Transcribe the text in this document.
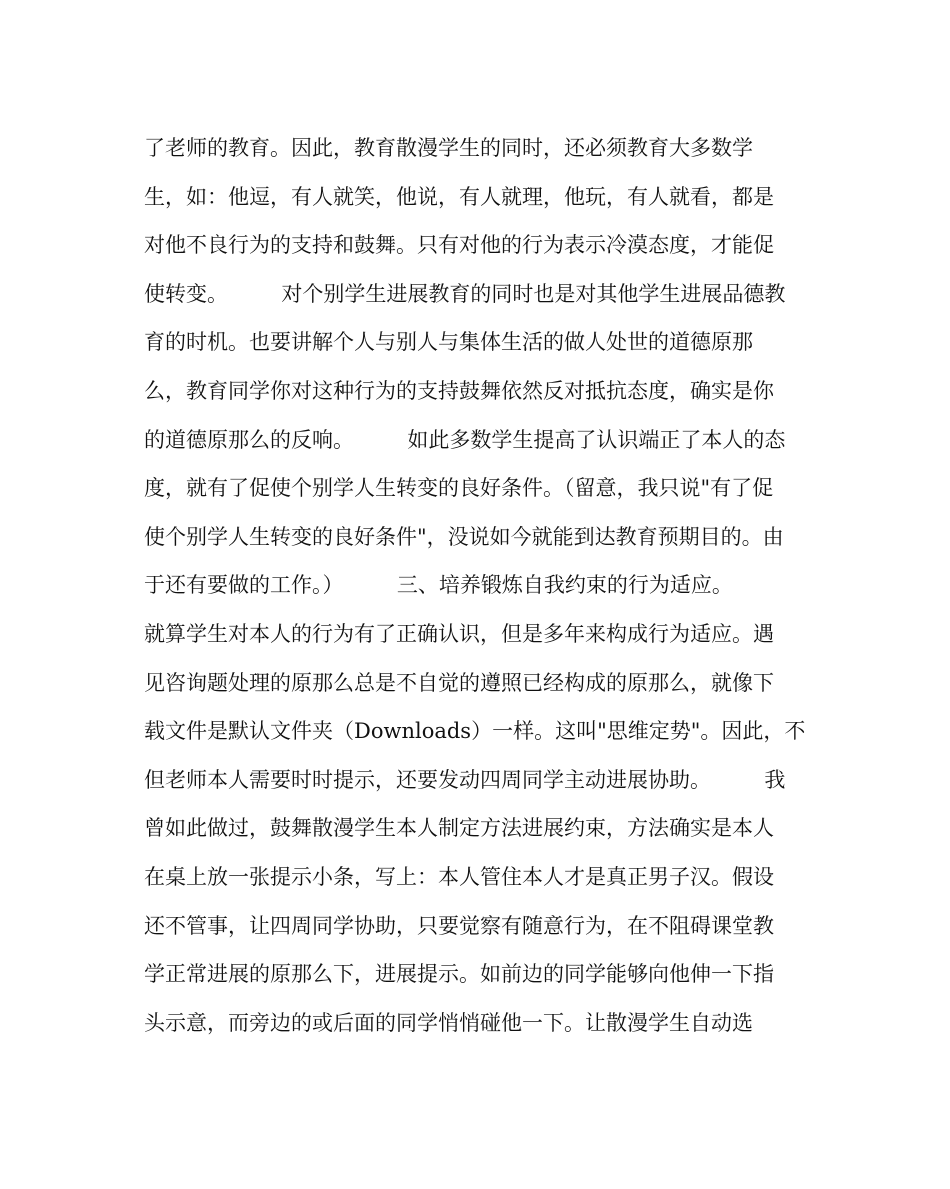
了老师的教育。因此，教育散漫学生的同时，还必须教育大多数学
生，如：他逗，有人就笑，他说，有人就理，他玩，有人就看，都是
对他不良行为的支持和鼓舞。只有对他的行为表示冷漠态度，才能促
使转变。        对个别学生进展教育的同时也是对其他学生进展品德教
育的时机。也要讲解个人与别人与集体生活的做人处世的道德原那
么，教育同学你对这种行为的支持鼓舞依然反对抵抗态度，确实是你
的道德原那么的反响。        如此多数学生提高了认识端正了本人的态
度，就有了促使个别学人生转变的良好条件。（留意，我只说"有了促
使个别学人生转变的良好条件"，没说如今就能到达教育预期目的。由
于还有要做的工作。）        三、培养锻炼自我约束的行为适应。
就算学生对本人的行为有了正确认识，但是多年来构成行为适应。遇
见咨询题处理的原那么总是不自觉的遵照已经构成的原那么，就像下
载文件是默认文件夹（Downloads）一样。这叫"思维定势"。因此，不
但老师本人需要时时提示，还要发动四周同学主动进展协助。        我
曾如此做过，鼓舞散漫学生本人制定方法进展约束，方法确实是本人
在桌上放一张提示小条，写上：本人管住本人才是真正男子汉。假设
还不管事，让四周同学协助，只要觉察有随意行为，在不阻碍课堂教
学正常进展的原那么下，进展提示。如前边的同学能够向他伸一下指
头示意，而旁边的或后面的同学悄悄碰他一下。让散漫学生自动选
